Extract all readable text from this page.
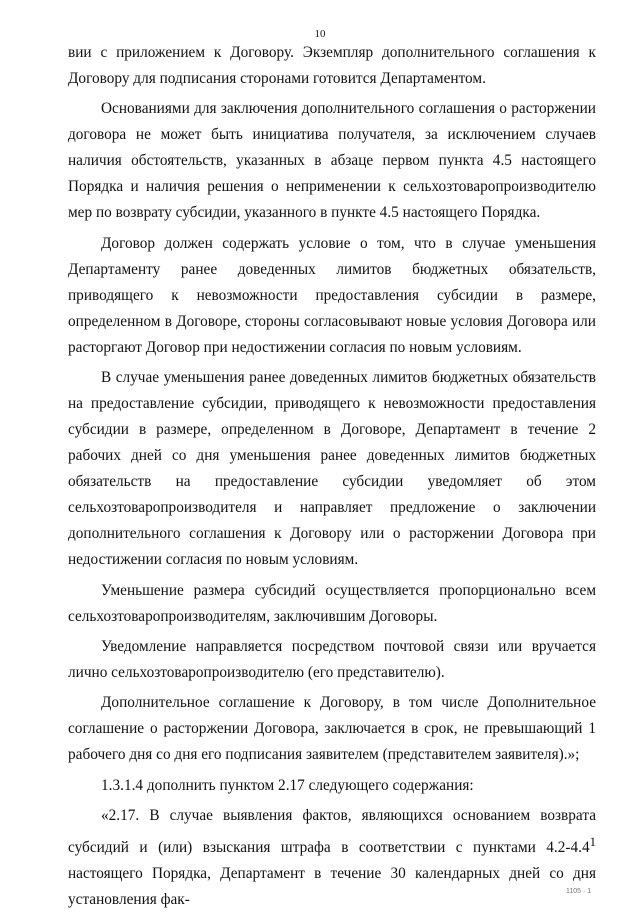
10

вии с приложением к Договору. Экземпляр дополнительного соглашения к Договору для подписания сторонами готовится Департаментом.

Основаниями для заключения дополнительного соглашения о расторжении договора не может быть инициатива получателя, за исключением случаев наличия обстоятельств, указанных в абзаце первом пункта 4.5 настоящего Порядка и наличия решения о неприменении к сельхозтоваропроизводителю мер по возврату субсидии, указанного в пункте 4.5 настоящего Порядка.

Договор должен содержать условие о том, что в случае уменьшения Департаменту ранее доведенных лимитов бюджетных обязательств, приводящего к невозможности предоставления субсидии в размере, определенном в Договоре, стороны согласовывают новые условия Договора или расторгают Договор при недостижении согласия по новым условиям.

В случае уменьшения ранее доведенных лимитов бюджетных обязательств на предоставление субсидии, приводящего к невозможности предоставления субсидии в размере, определенном в Договоре, Департамент в течение 2 рабочих дней со дня уменьшения ранее доведенных лимитов бюджетных обязательств на предоставление субсидии уведомляет об этом сельхозтоваропроизводителя и направляет предложение о заключении дополнительного соглашения к Договору или о расторжении Договора при недостижении согласия по новым условиям.

Уменьшение размера субсидий осуществляется пропорционально всем сельхозтоваропроизводителям, заключившим Договоры.

Уведомление направляется посредством почтовой связи или вручается лично сельхозтоваропроизводителю (его представителю).

Дополнительное соглашение к Договору, в том числе Дополнительное соглашение о расторжении Договора, заключается в срок, не превышающий 1 рабочего дня со дня его подписания заявителем (представителем заявителя).»;

1.3.1.4 дополнить пунктом 2.17 следующего содержания:

«2.17. В случае выявления фактов, являющихся основанием возврата субсидий и (или) взыскания штрафа в соответствии с пунктами $4.2-4.4^1$ настоящего Порядка, Департамент в течение 30 календарных дней со дня установления фак-	1105 · 1
